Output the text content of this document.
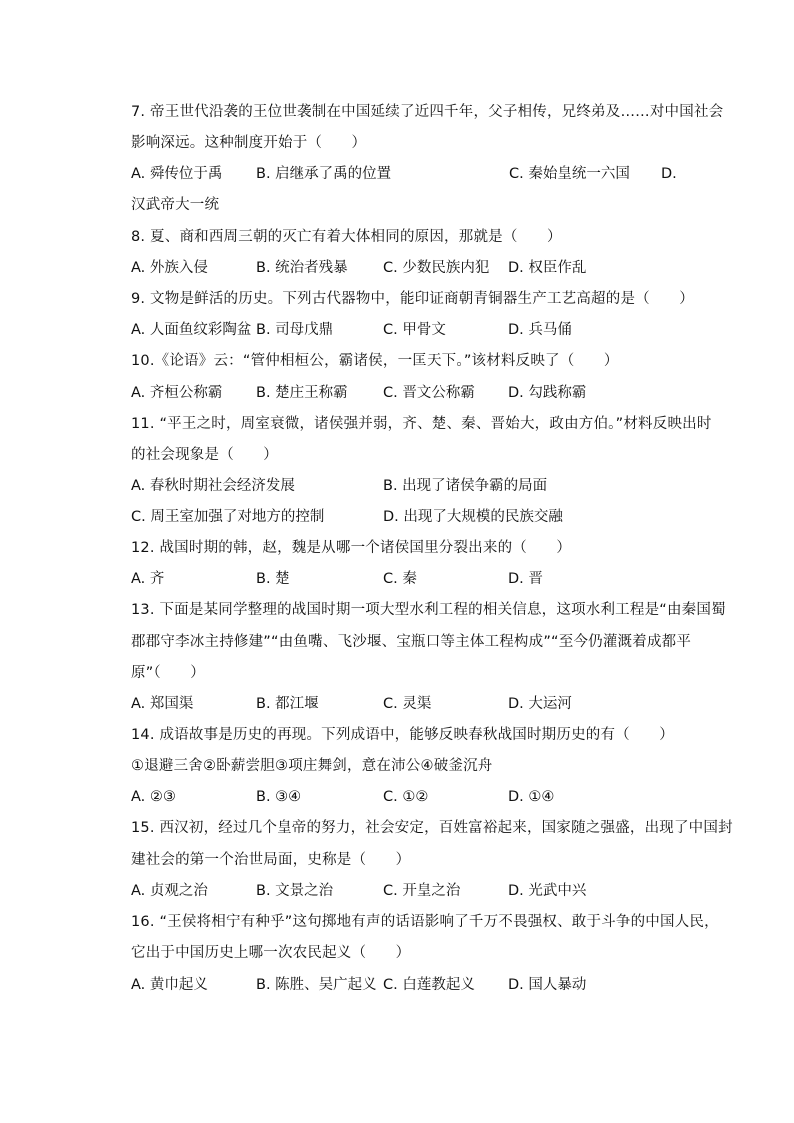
7. 帝王世代沿袭的王位世袭制在中国延续了近四千年，父子相传，兄终弟及……对中国社会
影响深远。这种制度开始于（　　）
A. 舜传位于禹 B. 启继承了禹的位置	C. 秦始皇统一六国 D.
汉武帝大一统
8. 夏、商和西周三朝的灭亡有着大体相同的原因，那就是（　　）
A. 外族入侵	B. 统治者残暴 C. 少数民族内犯 D. 权臣作乱
9. 文物是鲜活的历史。下列古代器物中，能印证商朝青铜器生产工艺高超的是（　　）
A. 人面鱼纹彩陶盆 B. 司母戊鼎	C. 甲骨文	D. 兵马俑
10.《论语》云：“管仲相桓公，霸诸侯，一匡天下。”该材料反映了（　　）
A. 齐桓公称霸 B. 楚庄王称霸 C. 晋文公称霸 D. 勾践称霸
11. “平王之时，周室衰微，诸侯强并弱，齐、楚、秦、晋始大，政由方伯。”材料反映出时
的社会现象是（　　）
A. 春秋时期社会经济发展	B. 出现了诸侯争霸的局面
C. 周王室加强了对地方的控制	D. 出现了大规模的民族交融
12. 战国时期的韩，赵，魏是从哪一个诸侯国里分裂出来的（　　）
A. 齐	B. 楚	C. 秦	D. 晋
13. 下面是某同学整理的战国时期一项大型水利工程的相关信息，这项水利工程是“由秦国蜀
郡郡守李冰主持修建”“由鱼嘴、飞沙堰、宝瓶口等主体工程构成”“至今仍灌溉着成都平
原”（　　）
A. 郑国渠	B. 都江堰	C. 灵渠	D. 大运河
14. 成语故事是历史的再现。下列成语中，能够反映春秋战国时期历史的有（　　）
①退避三舍②卧薪尝胆③项庄舞剑，意在沛公④破釜沉舟
A. ②③	B. ③④	C. ①②	D. ①④
15. 西汉初，经过几个皇帝的努力，社会安定，百姓富裕起来，国家随之强盛，出现了中国封
建社会的第一个治世局面，史称是（　　）
A. 贞观之治	B. 文景之治	C. 开皇之治	D. 光武中兴
16. “王侯将相宁有种乎”这句掷地有声的话语影响了千万不畏强权、敢于斗争的中国人民，
它出于中国历史上哪一次农民起义（　　）
A. 黄巾起义	B. 陈胜、吴广起义 C. 白莲教起义 D. 国人暴动
